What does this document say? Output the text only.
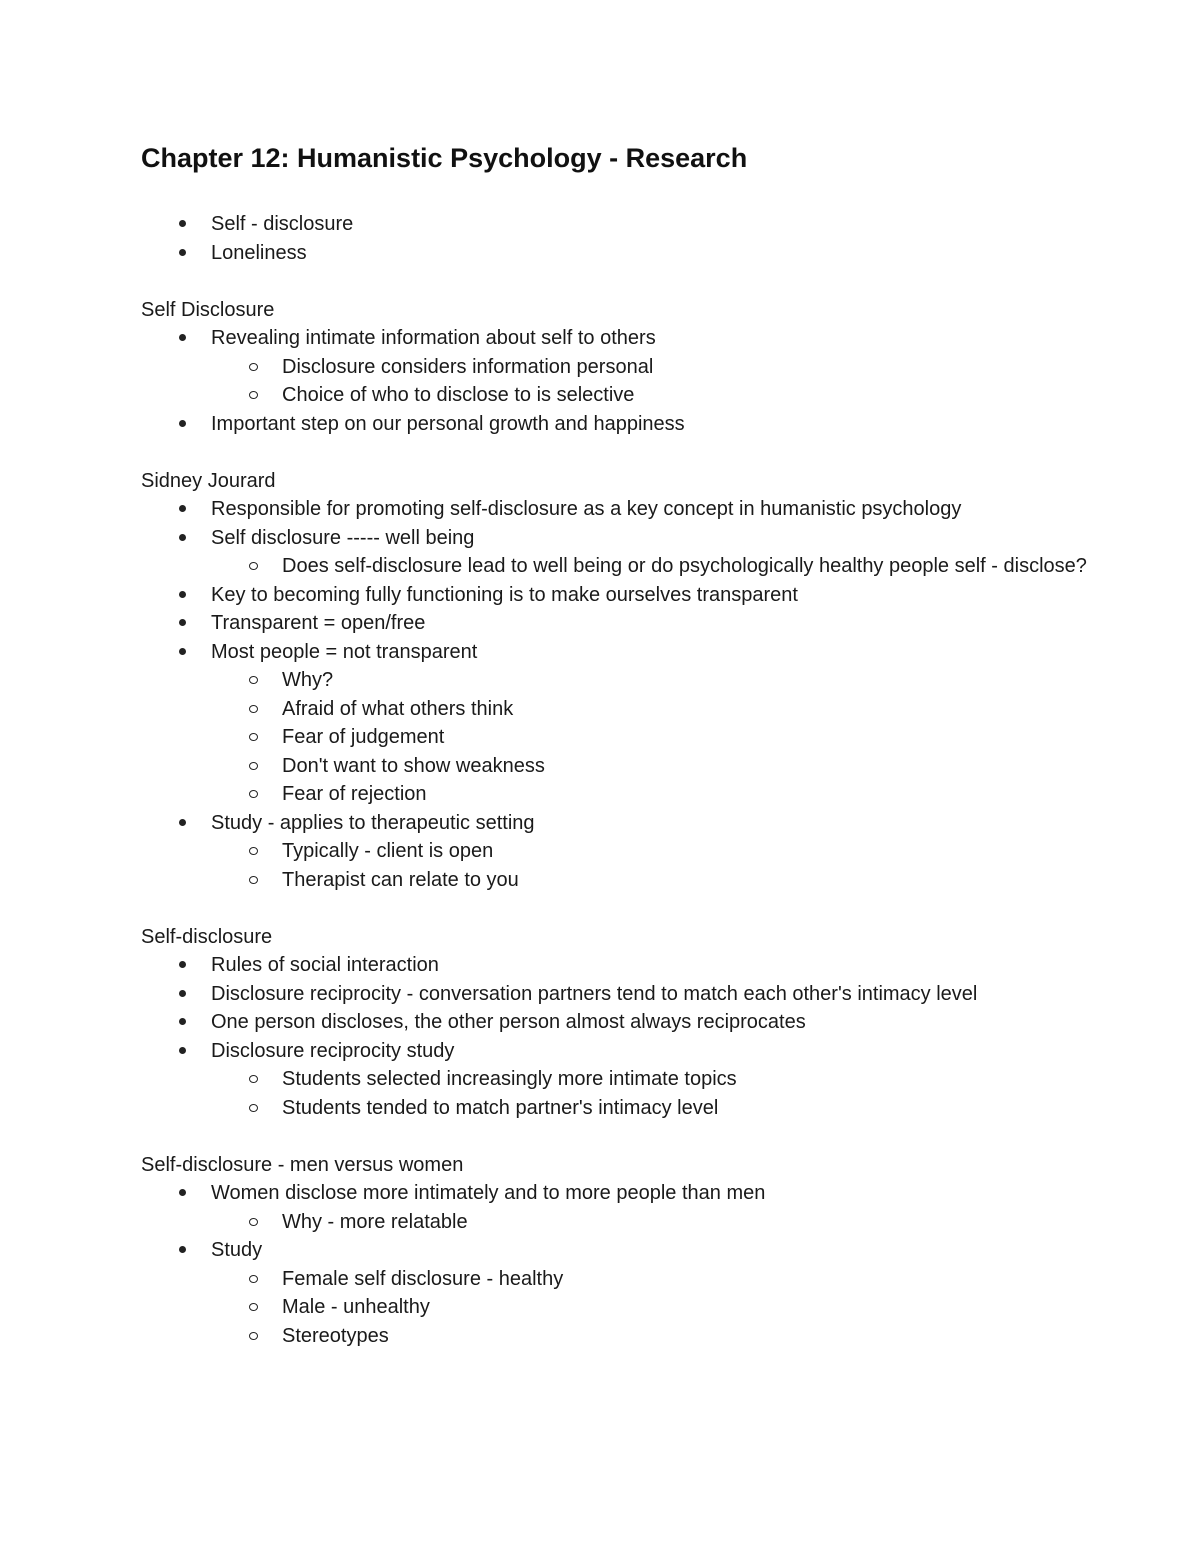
Chapter 12: Humanistic Psychology - Research
Self - disclosure
Loneliness

Self Disclosure

Revealing intimate information about self to others
Disclosure considers information personal
Choice of who to disclose to is selective
Important step on our personal growth and happiness

Sidney Jourard

Responsible for promoting self-disclosure as a key concept in humanistic psychology
Self disclosure ----- well being
Does self-disclosure lead to well being or do psychologically healthy people self - disclose?
Key to becoming fully functioning is to make ourselves transparent
Transparent = open/free
Most people = not transparent
Why?
Afraid of what others think
Fear of judgement
Don't want to show weakness
Fear of rejection
Study - applies to therapeutic setting
Typically - client is open
Therapist can relate to you

Self-disclosure

Rules of social interaction
Disclosure reciprocity - conversation partners tend to match each other's intimacy level
One person discloses, the other person almost always reciprocates
Disclosure reciprocity study
Students selected increasingly more intimate topics
Students tended to match partner's intimacy level

Self-disclosure - men versus women

Women disclose more intimately and to more people than men
Why - more relatable
Study
Female self disclosure - healthy
Male - unhealthy
Stereotypes
